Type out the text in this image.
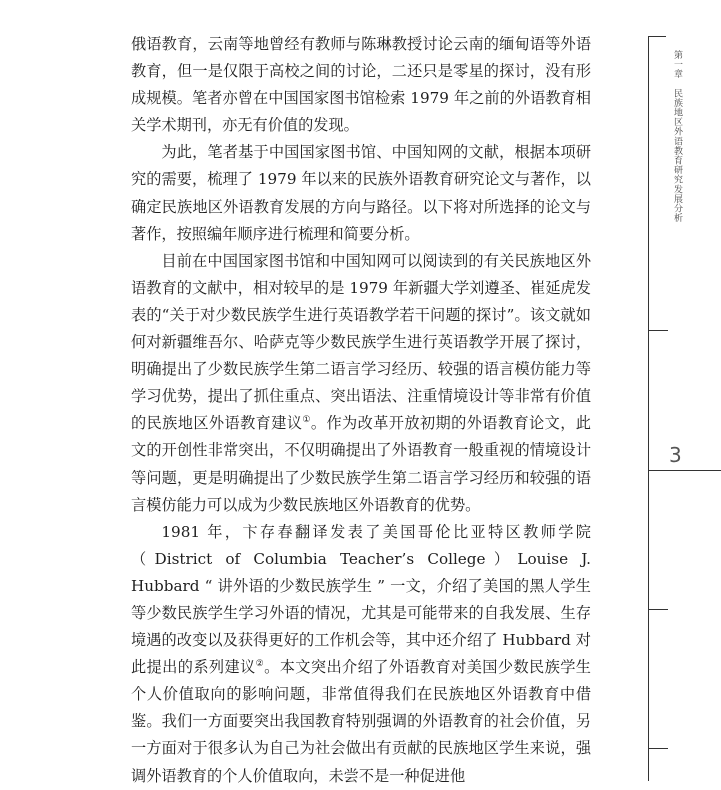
俄语教育，云南等地曾经有教师与陈琳教授讨论云南的缅甸语等外语教育，但一是仅限于高校之间的讨论，二还只是零星的探讨，没有形成规模。笔者亦曾在中国国家图书馆检索 1979 年之前的外语教育相关学术期刊，亦无有价值的发现。

为此，笔者基于中国国家图书馆、中国知网的文献，根据本项研究的需要，梳理了 1979 年以来的民族外语教育研究论文与著作，以确定民族地区外语教育发展的方向与路径。以下将对所选择的论文与著作，按照编年顺序进行梳理和简要分析。

目前在中国国家图书馆和中国知网可以阅读到的有关民族地区外语教育的文献中，相对较早的是 1979 年新疆大学刘遵圣、崔延虎发表的“关于对少数民族学生进行英语教学若干问题的探讨”。该文就如何对新疆维吾尔、哈萨克等少数民族学生进行英语教学开展了探讨，明确提出了少数民族学生第二语言学习经历、较强的语言模仿能力等学习优势，提出了抓住重点、突出语法、注重情境设计等非常有价值的民族地区外语教育建议①。作为改革开放初期的外语教育论文，此文的开创性非常突出，不仅明确提出了外语教育一般重视的情境设计等问题，更是明确提出了少数民族学生第二语言学习经历和较强的语言模仿能力可以成为少数民族地区外语教育的优势。

1981 年，卞存春翻译发表了美国哥伦比亚特区教师学院（District of Columbia Teacher’s College）Louise J. Hubbard “ 讲外语的少数民族学生 ” 一文，介绍了美国的黑人学生等少数民族学生学习外语的情况，尤其是可能带来的自我发展、生存境遇的改变以及获得更好的工作机会等，其中还介绍了 Hubbard 对此提出的系列建议②。本文突出介绍了外语教育对美国少数民族学生个人价值取向的影响问题，非常值得我们在民族地区外语教育中借鉴。我们一方面要突出我国教育特别强调的外语教育的社会价值，另一方面对于很多认为自己为社会做出有贡献的民族地区学生来说，强调外语教育的个人价值取向，未尝不是一种促进他

第一章　民族地区外语教育研究发展分析
3
